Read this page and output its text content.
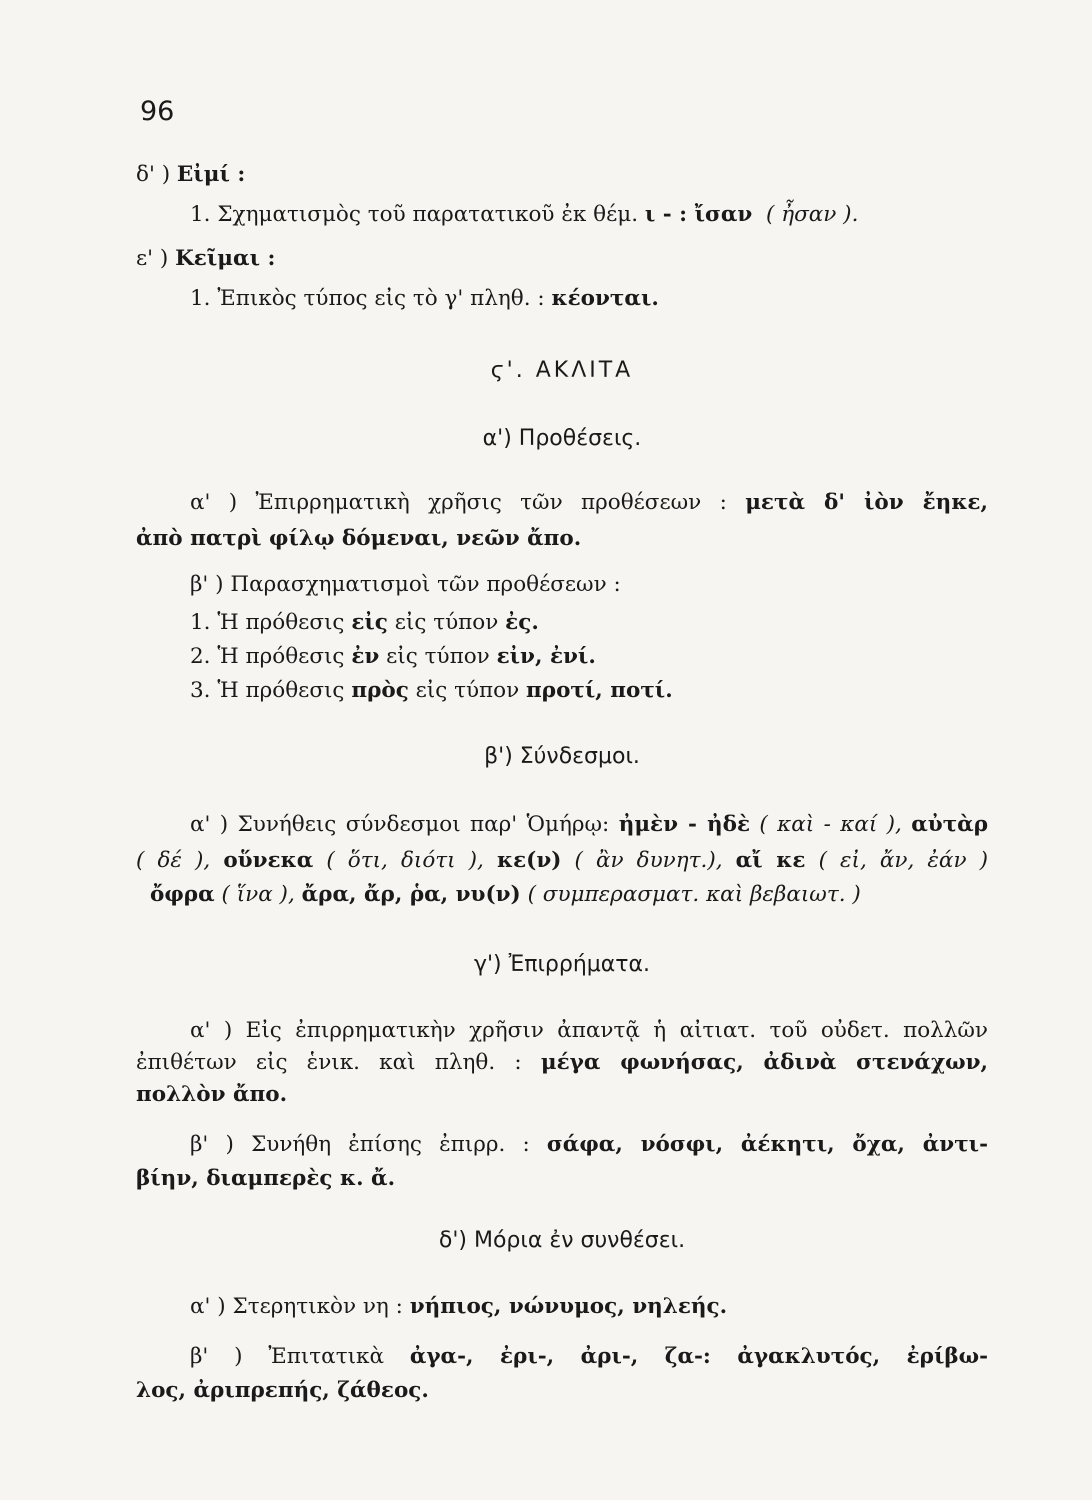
96
δ' ) Εἰμί :
1. Σχηματισμὸς τοῦ παρατατικοῦ ἐκ θέμ. ι - : ἴσαν ( ἦσαν ).
ε' ) Κεῖμαι :
1. Ἐπικὸς τύπος εἰς τὸ γ' πληθ. : κέονται.
ϛ'. ΑΚΛΙΤΑ
α') Προθέσεις.
α' ) Ἐπιρρηματικὴ χρῆσις τῶν προθέσεων : μετὰ δ' ἰὸν ἔηκε,
ἀπὸ πατρὶ φίλῳ δόμεναι, νεῶν ἄπο.
β' ) Παρασχηματισμοὶ τῶν προθέσεων :
1. Ἡ πρόθεσις εἰς εἰς τύπον ἐς.
2. Ἡ πρόθεσις ἐν εἰς τύπον εἰν, ἐνί.
3. Ἡ πρόθεσις πρὸς εἰς τύπον προτί, ποτί.
β') Σύνδεσμοι.
α' ) Συνήθεις σύνδεσμοι παρ' Ὁμήρῳ: ἠμὲν - ἠδὲ ( καὶ - καί ), αὐτὰρ
( δέ ), οὕνεκα ( ὅτι, διότι ), κε(ν) ( ἂν δυνητ.), αἴ κε ( εἰ, ἄν, ἐάν )
ὄφρα ( ἵνα ), ἄρα, ἄρ, ῥα, νυ(ν) ( συμπερασματ. καὶ βεβαιωτ. )
γ') Ἐπιρρήματα.
α' ) Εἰς ἐπιρρηματικὴν χρῆσιν ἀπαντᾷ ἡ αἰτιατ. τοῦ οὐδετ. πολλῶν
ἐπιθέτων εἰς ἑνικ. καὶ πληθ. : μέγα φωνήσας, ἀδινὰ στενάχων,
πολλὸν ἄπο.
β' ) Συνήθη ἐπίσης ἐπιρρ. : σάφα, νόσφι, ἀέκητι, ὄχα, ἀντι-
βίην, διαμπερὲς κ. ἄ.
δ') Μόρια ἐν συνθέσει.
α' ) Στερητικὸν νη : νήπιος, νώνυμος, νηλεής.
β' ) Ἐπιτατικὰ ἀγα-, ἐρι-, ἀρι-, ζα-: ἀγακλυτός, ἐρίβω-
λος, ἀριπρεπής, ζάθεος.
